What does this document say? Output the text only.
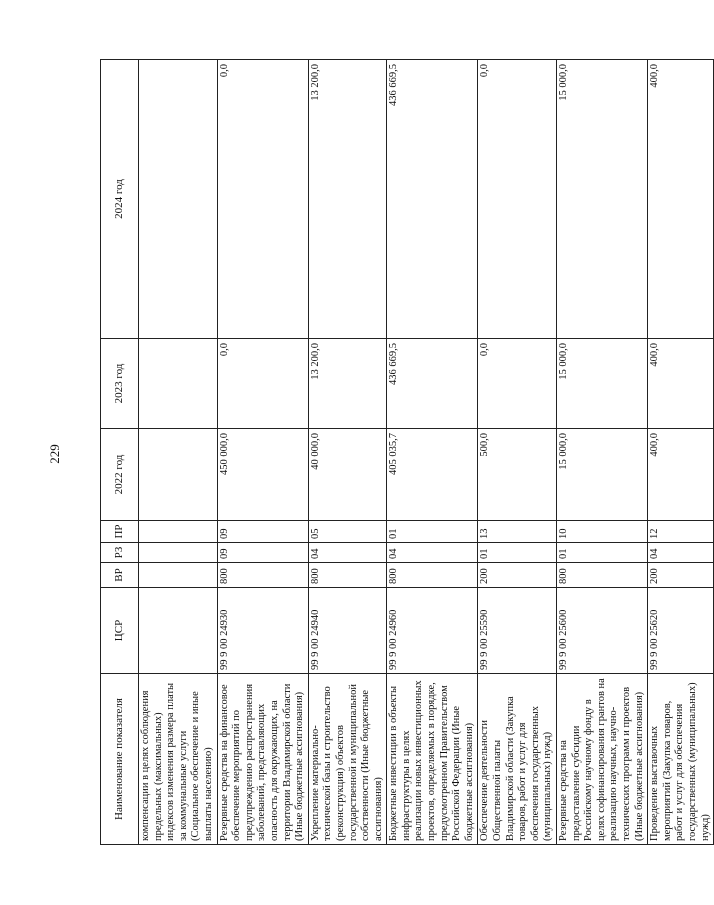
229
Наименование показателя	ЦСР	ВР	РЗ	ПР	2022 год	2023 год	2024 год
компенсации в целях соблюдения предельных (максимальных) индексов изменения размера платы за коммунальные услуги (Социальное обеспечение и иные выплаты населению)							
Резервные средства на финансовое обеспечение мероприятий по предупреждению распространения заболеваний, представляющих опасность для окружающих, на территории Владимирской области (Иные бюджетные ассигнования)	99 9 00 24930	800	09	09	450 000,0	0,0	0,0
Укрепление материально-технической базы и строительство (реконструкция) объектов государственной и муниципальной собственности (Иные бюджетные ассигнования)	99 9 00 24940	800	04	05	40 000,0	13 200,0	13 200,0
Бюджетные инвестиции в объекты инфраструктуры в целях реализации новых инвестиционных проектов, определяемых в порядке, предусмотренном Правительством Российской Федерации (Иные бюджетные ассигнования)	99 9 00 24960	800	04	01	405 035,7	436 669,5	436 669,5
Обеспечение деятельности Общественной палаты Владимирской области (Закупка товаров, работ и услуг для обеспечения государственных (муниципальных) нужд)	99 9 00 25590	200	01	13	500,0	0,0	0,0
Резервные средства на предоставление субсидии Российскому научному фонду в целях софинансирования грантов на реализацию научных, научно-технических программ и проектов (Иные бюджетные ассигнования)	99 9 00 25600	800	01	10	15 000,0	15 000,0	15 000,0
Проведение выставочных мероприятий (Закупка товаров, работ и услуг для обеспечения государственных (муниципальных) нужд)	99 9 00 25620	200	04	12	400,0	400,0	400,0
